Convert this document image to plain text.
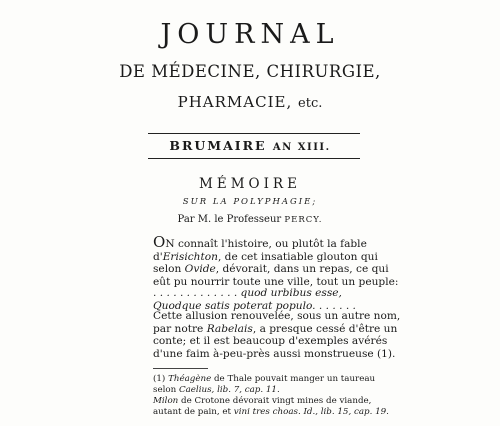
JOURNAL
DE MÉDECINE, CHIRURGIE,
PHARMACIE, etc.
BRUMAIRE AN XIII.
MÉMOIRE
SUR LA POLYPHAGIE;
Par M. le Professeur PERCY.
ON connaît l'histoire, ou plutôt la fable
d'Erisichton, de cet insatiable glouton qui
selon Ovide, dévorait, dans un repas, ce qui
eût pu nourrir toute une ville, tout un peuple:
. . . . . . . . . . . . . quod urbibus esse,
Quodque satis poterat populo. . . . . . .
Cette allusion renouvelée, sous un autre nom,
par notre Rabelais, a presque cessé d'être un
conte; et il est beaucoup d'exemples avérés
d'une faim à-peu-près aussi monstrueuse (1).
(1) Théagène de Thale pouvait manger un taureau
selon Caelius, lib. 7, cap. 11.
Milon de Crotone dévorait vingt mines de viande,
autant de pain, et vini tres choas. Id., lib. 15, cap. 19.
